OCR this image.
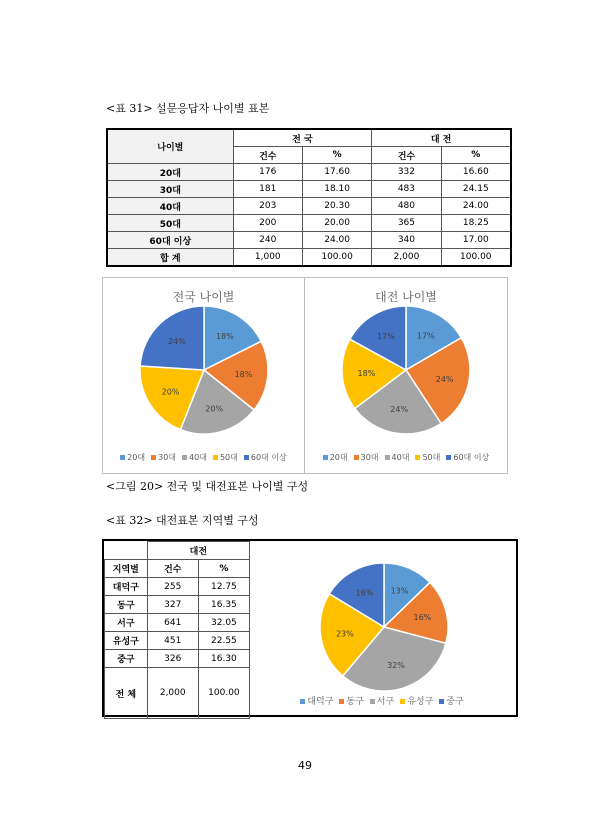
<표 31> 설문응답자 나이별 표본
나이별	전 국		대 전	
	건수	%	건수	%
20대	176	17.60	332	16.60
30대	181	18.10	483	24.15
40대	203	20.30	480	24.00
50대	200	20.00	365	18.25
60대 이상	240	24.00	340	17.00
합 계	1,000	100.00	2,000	100.00
전국 나이별
18%
18%
20%
20%
24%
20대 30대 40대 50대 60대 이상
대전 나이별
17%
24%
24%
18%
17%
20대 30대 40대 50대 60대 이상
<그림 20> 전국 및 대전표본 나이별 구성
<표 32> 대전표본 지역별 구성
	대전	
지역별	건수	%
대덕구	255	12.75
동구	327	16.35
서구	641	32.05
유성구	451	22.55
중구	326	16.30
전 체	2,000	100.00
13%
16%
32%
23%
16%
대덕구 동구 서구 유성구 중구
49
